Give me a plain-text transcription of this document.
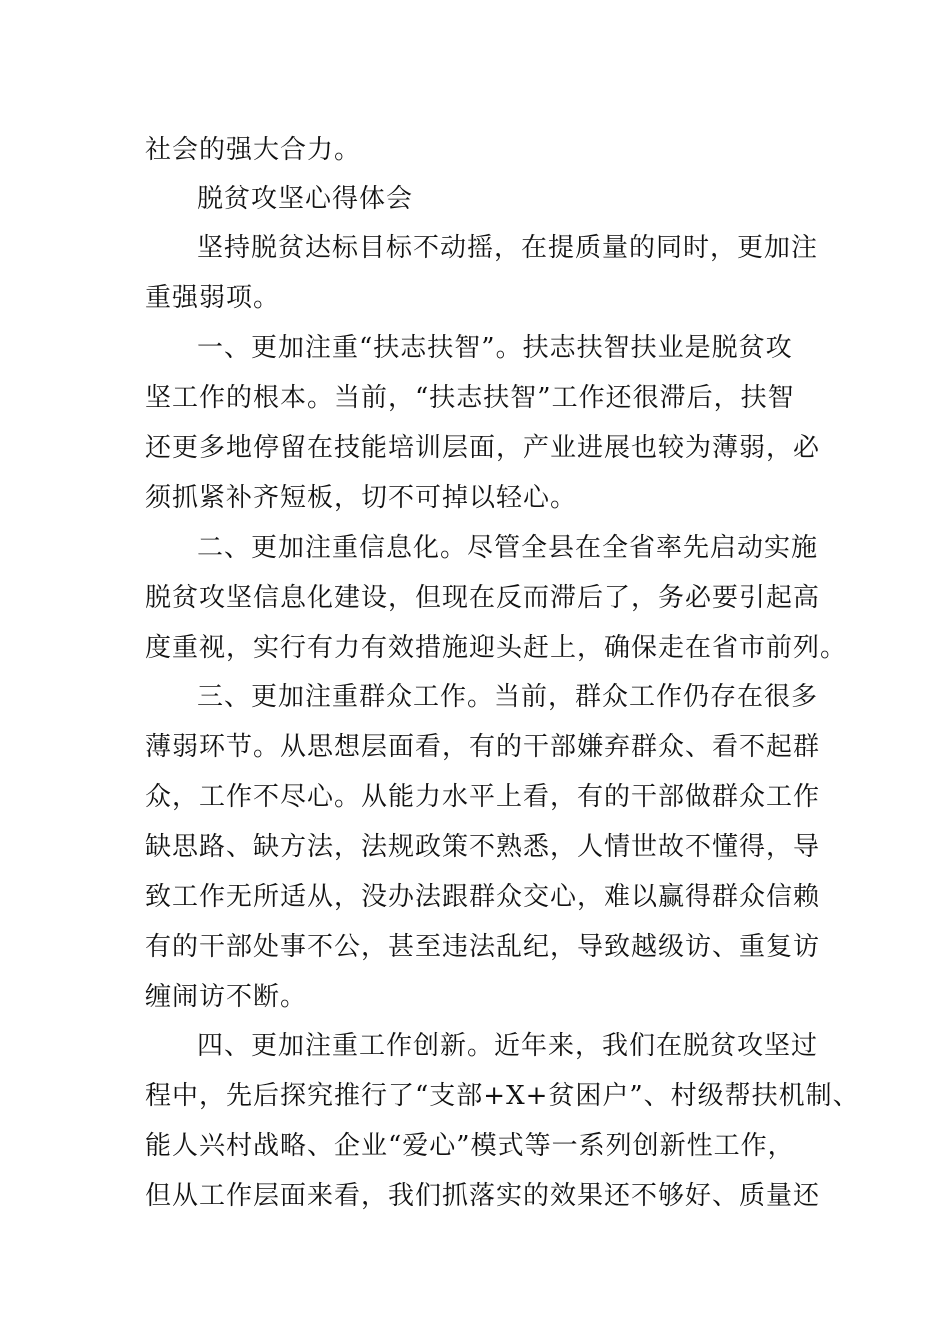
社会的强大合力。
脱贫攻坚心得体会
坚持脱贫达标目标不动摇，在提质量的同时，更加注
重强弱项。
一、更加注重“扶志扶智”。扶志扶智扶业是脱贫攻
坚工作的根本。当前，“扶志扶智”工作还很滞后，扶智
还更多地停留在技能培训层面，产业进展也较为薄弱，必
须抓紧补齐短板，切不可掉以轻心。
二、更加注重信息化。尽管全县在全省率先启动实施
脱贫攻坚信息化建设，但现在反而滞后了，务必要引起高
度重视，实行有力有效措施迎头赶上，确保走在省市前列。
三、更加注重群众工作。当前，群众工作仍存在很多
薄弱环节。从思想层面看，有的干部嫌弃群众、看不起群
众，工作不尽心。从能力水平上看，有的干部做群众工作
缺思路、缺方法，法规政策不熟悉，人情世故不懂得，导
致工作无所适从，没办法跟群众交心，难以赢得群众信赖
有的干部处事不公，甚至违法乱纪，导致越级访、重复访
缠闹访不断。
四、更加注重工作创新。近年来，我们在脱贫攻坚过
程中，先后探究推行了“支部+X+贫困户”、村级帮扶机制、
能人兴村战略、企业“爱心”模式等一系列创新性工作，
但从工作层面来看，我们抓落实的效果还不够好、质量还
